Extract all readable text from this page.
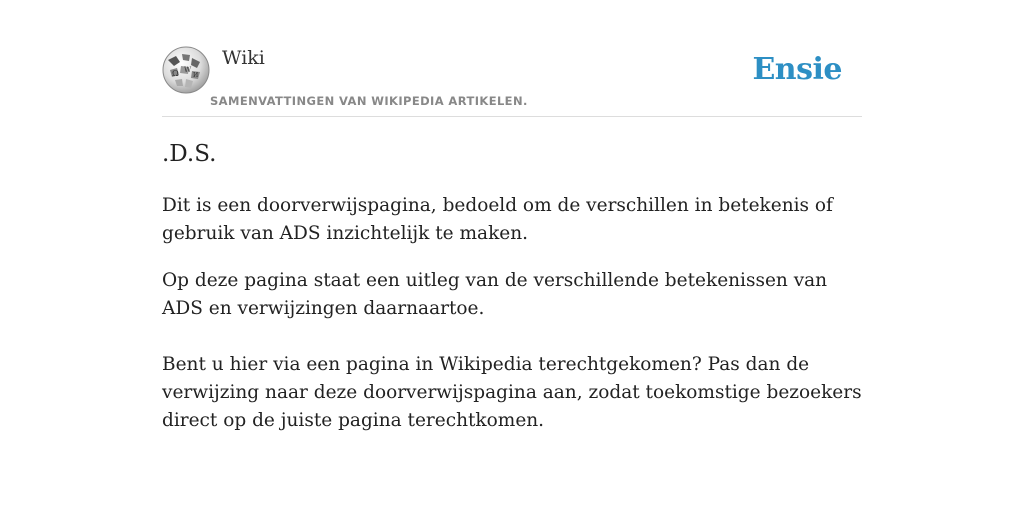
Ω W
И
Wiki
SAMENVATTINGEN VAN WIKIPEDIA ARTIKELEN.
Ensie
.D.S.

Dit is een doorverwijspagina, bedoeld om de verschillen in betekenis of gebruik van ADS inzichtelijk te maken.

Op deze pagina staat een uitleg van de verschillende betekenissen van ADS en verwijzingen daarnaartoe.

Bent u hier via een pagina in Wikipedia terechtgekomen? Pas dan de verwijzing naar deze doorverwijspagina aan, zodat toekomstige bezoekers direct op de juiste pagina terechtkomen.
